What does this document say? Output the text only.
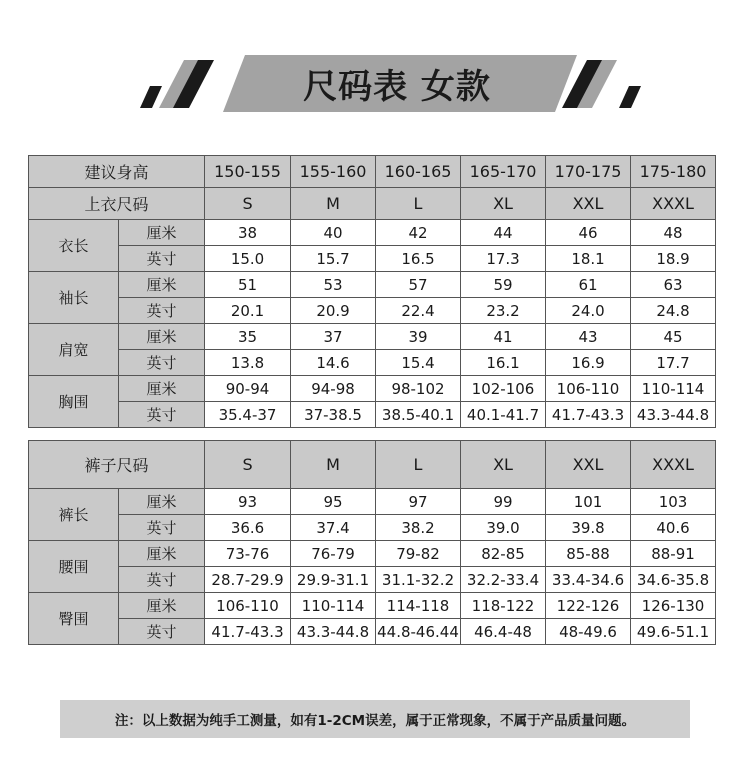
尺码表 女款
建议身高		150-155	155-160	160-165	165-170	170-175	175-180
上衣尺码		S	M	L	XL	XXL	XXXL
衣长	厘米	38	40	42	44	46	48
	英寸	15.0	15.7	16.5	17.3	18.1	18.9
袖长	厘米	51	53	57	59	61	63
	英寸	20.1	20.9	22.4	23.2	24.0	24.8
肩宽	厘米	35	37	39	41	43	45
	英寸	13.8	14.6	15.4	16.1	16.9	17.7
胸围	厘米	90-94	94-98	98-102	102-106	106-110	110-114
	英寸	35.4-37	37-38.5	38.5-40.1	40.1-41.7	41.7-43.3	43.3-44.8
裤子尺码		S	M	L	XL	XXL	XXXL
裤长	厘米	93	95	97	99	101	103
	英寸	36.6	37.4	38.2	39.0	39.8	40.6
腰围	厘米	73-76	76-79	79-82	82-85	85-88	88-91
	英寸	28.7-29.9	29.9-31.1	31.1-32.2	32.2-33.4	33.4-34.6	34.6-35.8
臀围	厘米	106-110	110-114	114-118	118-122	122-126	126-130
	英寸	41.7-43.3	43.3-44.8	44.8-46.44	46.4-48	48-49.6	49.6-51.1
注：以上数据为纯手工测量，如有1-2CM误差，属于正常现象，不属于产品质量问题。
